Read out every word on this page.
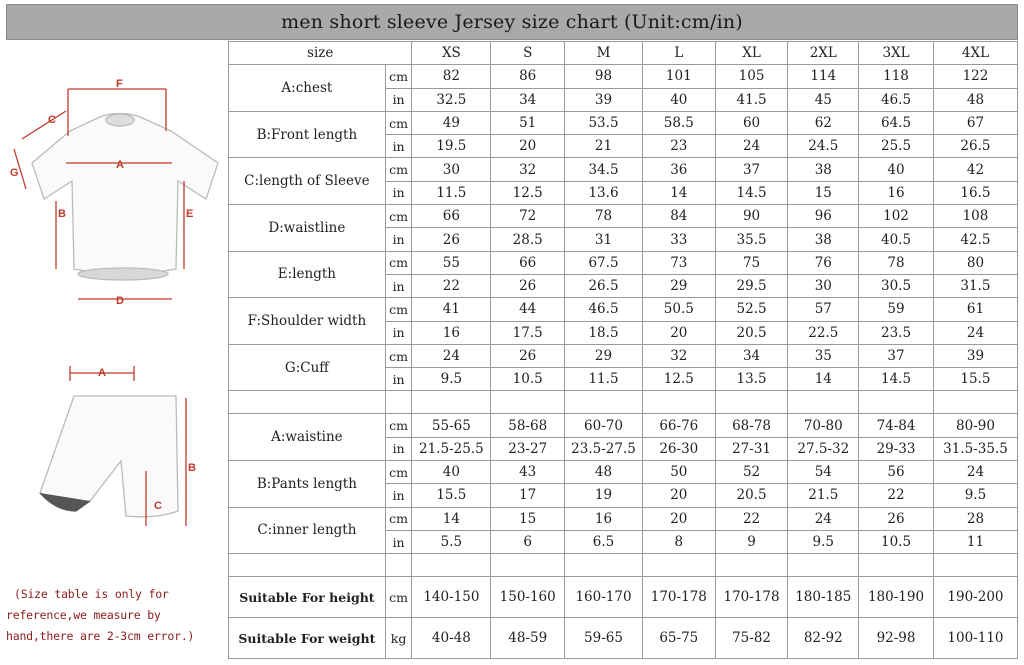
men short sleeve Jersey size chart (Unit:cm/in)
F
A
B	E
D
C
G
A
B
C
(Size table is only for
reference,we measure by
hand,there are 2-3cm error.)
size		XS	S	M	L	XL	2XL	3XL	4XL
A:chest	cm	82	86	98	101	105	114	118	122
	in	32.5	34	39	40	41.5	45	46.5	48
B:Front length	cm	49	51	53.5	58.5	60	62	64.5	67
	in	19.5	20	21	23	24	24.5	25.5	26.5
C:length of Sleeve	cm	30	32	34.5	36	37	38	40	42
	in	11.5	12.5	13.6	14	14.5	15	16	16.5
D:waistline	cm	66	72	78	84	90	96	102	108
	in	26	28.5	31	33	35.5	38	40.5	42.5
E:length	cm	55	66	67.5	73	75	76	78	80
	in	22	26	26.5	29	29.5	30	30.5	31.5
F:Shoulder width	cm	41	44	46.5	50.5	52.5	57	59	61
	in	16	17.5	18.5	20	20.5	22.5	23.5	24
G:Cuff	cm	24	26	29	32	34	35	37	39
	in	9.5	10.5	11.5	12.5	13.5	14	14.5	15.5

A:waistine	cm	55-65	58-68	60-70	66-76	68-78	70-80	74-84	80-90
	in	21.5-25.5	23-27	23.5-27.5	26-30	27-31	27.5-32	29-33	31.5-35.5
B:Pants length	cm	40	43	48	50	52	54	56	24
	in	15.5	17	19	20	20.5	21.5	22	9.5
C:inner length	cm	14	15	16	20	22	24	26	28
	in	5.5	6	6.5	8	9	9.5	10.5	11

Suitable For height	cm	140-150	150-160	160-170	170-178	170-178	180-185	180-190	190-200
Suitable For weight	kg	40-48	48-59	59-65	65-75	75-82	82-92	92-98	100-110
